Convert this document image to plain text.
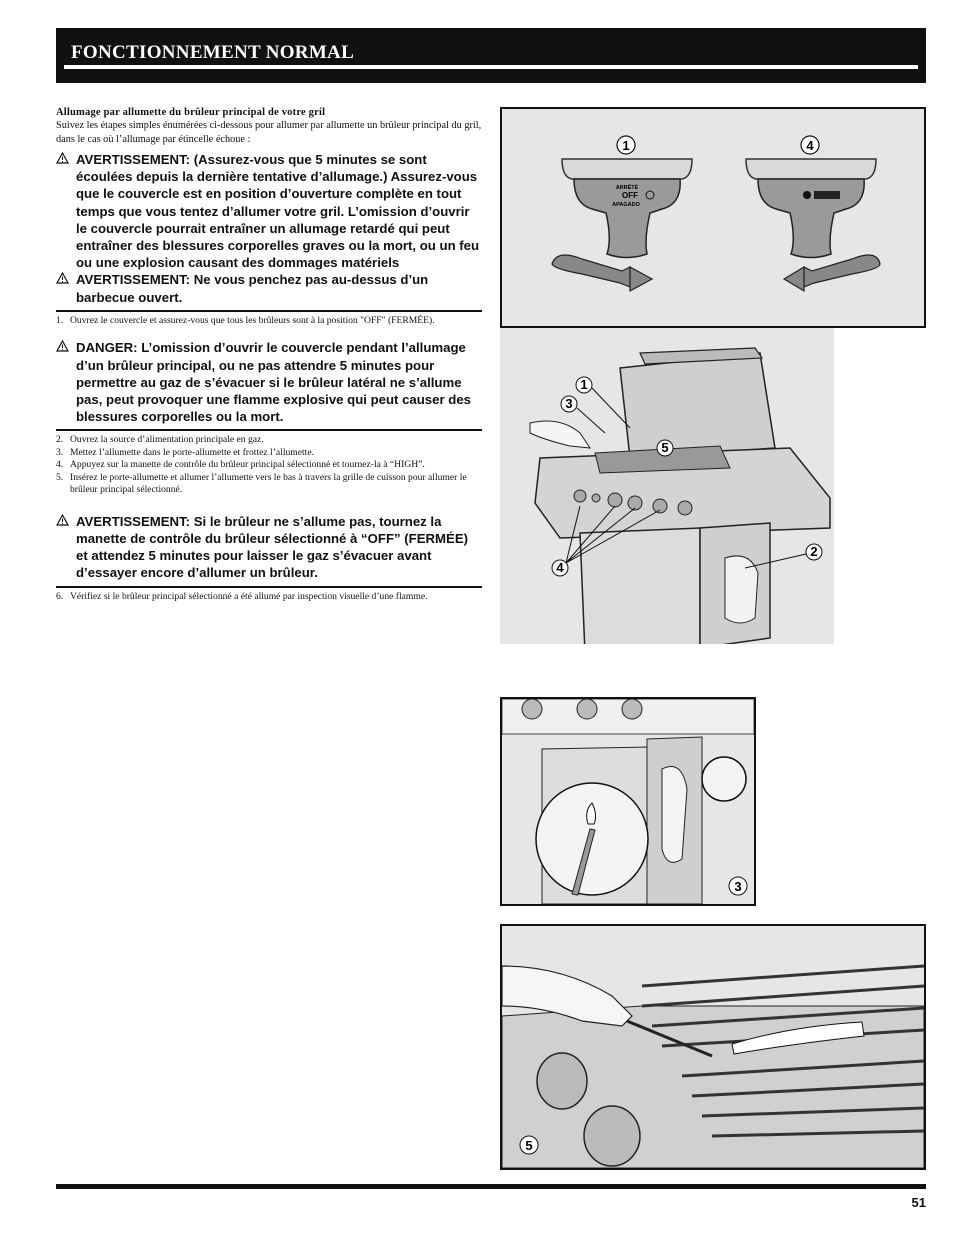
FONCTIONNEMENT NORMAL

Allumage par allumette du brûleur principal de votre gril

Suivez les étapes simples énumérées ci-dessous pour allumer par allumette un brûleur principal du gril, dans le cas où l’allumage par étincelle échoue :

AVERTISSEMENT: (Assurez-vous que 5 minutes se sont écoulées depuis la dernière tentative d’allumage.) Assurez-vous que le couvercle est en position d’ouverture complète en tout temps que vous tentez d’allumer votre gril. L’omission d’ouvrir le couvercle pourrait entraîner un allumage retardé qui peut entraîner des blessures corporelles graves ou la mort, ou un feu ou une explosion causant des dommages matériels

AVERTISSEMENT: Ne vous penchez pas au-dessus d’un barbecue ouvert.

1. Ouvrez le couvercle et assurez-vous que tous les brûleurs sont à la position "OFF" (FERMÉE).

DANGER: L’omission d’ouvrir le couvercle pendant l’allumage d’un brûleur principal, ou ne pas attendre 5 minutes pour permettre au gaz de s’évacuer si le brûleur latéral ne s’allume pas, peut provoquer une flamme explosive qui peut causer des blessures corporelles ou la mort.

2. Ouvrez la source d’alimentation principale en gaz.
3. Mettez l’allumette dans le porte-allumette et frottez l’allumette.
4. Appuyez sur la manette de contrôle du brûleur principal sélectionné et tournez-la à “HIGH”.
5. Insérez le porte-allumette et allumer l’allumette vers le bas à travers la grille de cuisson pour allumer le brûleur principal sélectionné.

AVERTISSEMENT: Si le brûleur ne s’allume pas, tournez la manette de contrôle du brûleur sélectionné à “OFF” (FERMÉE) et attendez 5 minutes pour laisser le gaz s’évacuer avant d’essayer encore d’allumer un brûleur.

6. Vérifiez si le brûleur principal sélectionné a été allumé par inspection visuelle d’une flamme.
ARRÊTÉ
OFF
APAGADO
1	4
1
3
5
2
4
3
5
51
